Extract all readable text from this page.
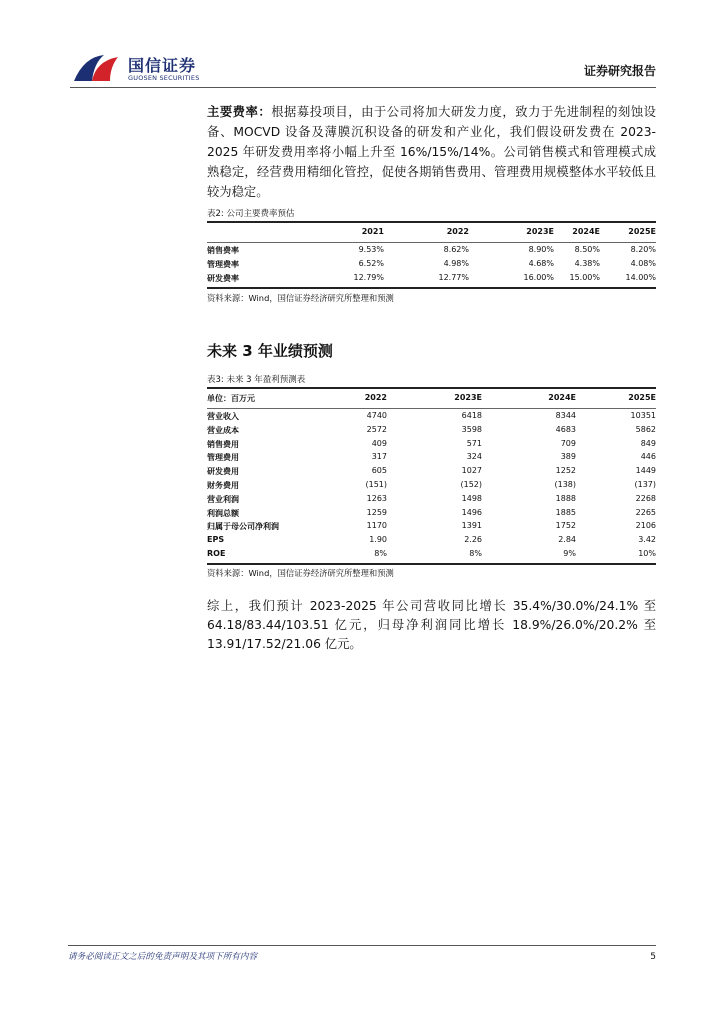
国信证券
GUOSEN SECURITIES	证券研究报告
主要费率：根据募投项目，由于公司将加大研发力度，致力于先进制程的刻蚀设备、MOCVD 设备及薄膜沉积设备的研发和产业化，我们假设研发费在 2023-2025 年研发费用率将小幅上升至 16%/15%/14%。公司销售模式和管理模式成熟稳定，经营费用精细化管控，促使各期销售费用、管理费用规模整体水平较低且较为稳定。
表2: 公司主要费率预估
2021	2022	2023E 2024E	2025E
销售费率	9.53%	8.62%	8.90%	8.50%	8.20%
管理费率	6.52%	4.98%	4.68%	4.38%	4.08%
研发费率	12.79%	12.77%	16.00% 15.00%	14.00%
资料来源：Wind，国信证券经济研究所整理和预测
未来 3 年业绩预测
表3: 未来 3 年盈利预测表
单位：百万元	2022	2023E	2024E	2025E
营业收入	4740	6418	8344	10351
营业成本	2572	3598	4683	5862
销售费用	409	571	709	849
管理费用	317	324	389	446
研发费用	605	1027	1252	1449
财务费用	(151)	(152)	(138)	(137)
营业利润	1263	1498	1888	2268
利润总额	1259	1496	1885	2265
归属于母公司净利润	1170	1391	1752	2106
EPS	1.90	2.26	2.84	3.42
ROE	8%	8%	9%	10%
资料来源：Wind，国信证券经济研究所整理和预测
综上，我们预计 2023-2025 年公司营收同比增长 35.4%/30.0%/24.1% 至 64.18/83.44/103.51 亿元，归母净利润同比增长 18.9%/26.0%/20.2% 至 13.91/17.52/21.06 亿元。
请务必阅读正文之后的免责声明及其项下所有内容	5
